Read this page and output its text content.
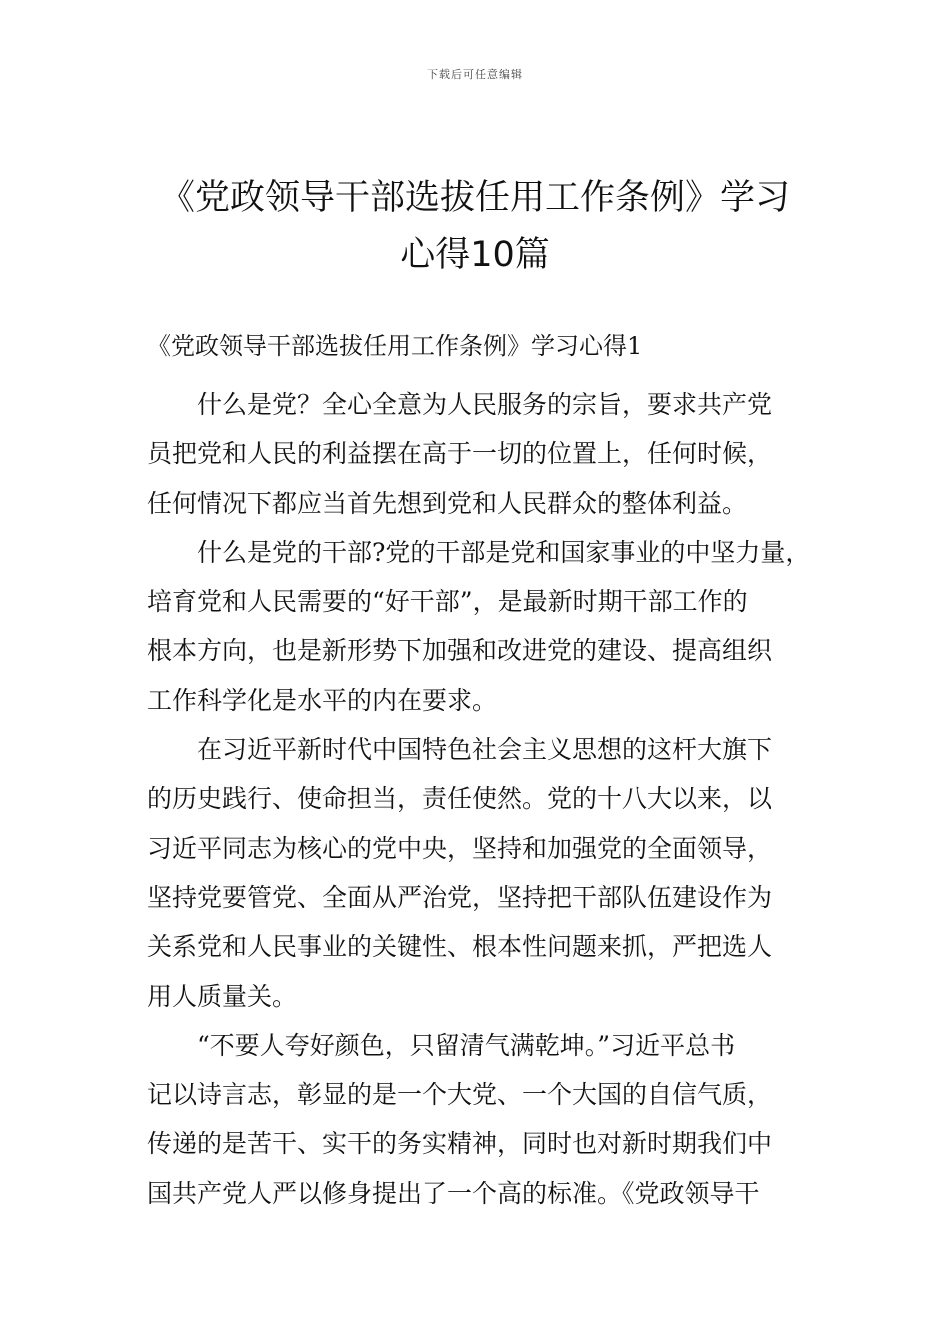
下载后可任意编辑
《党政领导干部选拔任用工作条例》学习
心得10篇
《党政领导干部选拔任用工作条例》学习心得1

什么是党？全心全意为人民服务的宗旨，要求共产党
员把党和人民的利益摆在高于一切的位置上，任何时候，
任何情况下都应当首先想到党和人民群众的整体利益。

什么是党的干部?党的干部是党和国家事业的中坚力量，
培育党和人民需要的“好干部”，是最新时期干部工作的
根本方向，也是新形势下加强和改进党的建设、提高组织
工作科学化是水平的内在要求。

在习近平新时代中国特色社会主义思想的这杆大旗下
的历史践行、使命担当，责任使然。党的十八大以来，以
习近平同志为核心的党中央，坚持和加强党的全面领导，
坚持党要管党、全面从严治党，坚持把干部队伍建设作为
关系党和人民事业的关键性、根本性问题来抓，严把选人
用人质量关。

“不要人夸好颜色，只留清气满乾坤。”习近平总书
记以诗言志，彰显的是一个大党、一个大国的自信气质，
传递的是苦干、实干的务实精神，同时也对新时期我们中
国共产党人严以修身提出了一个高的标准。《党政领导干
